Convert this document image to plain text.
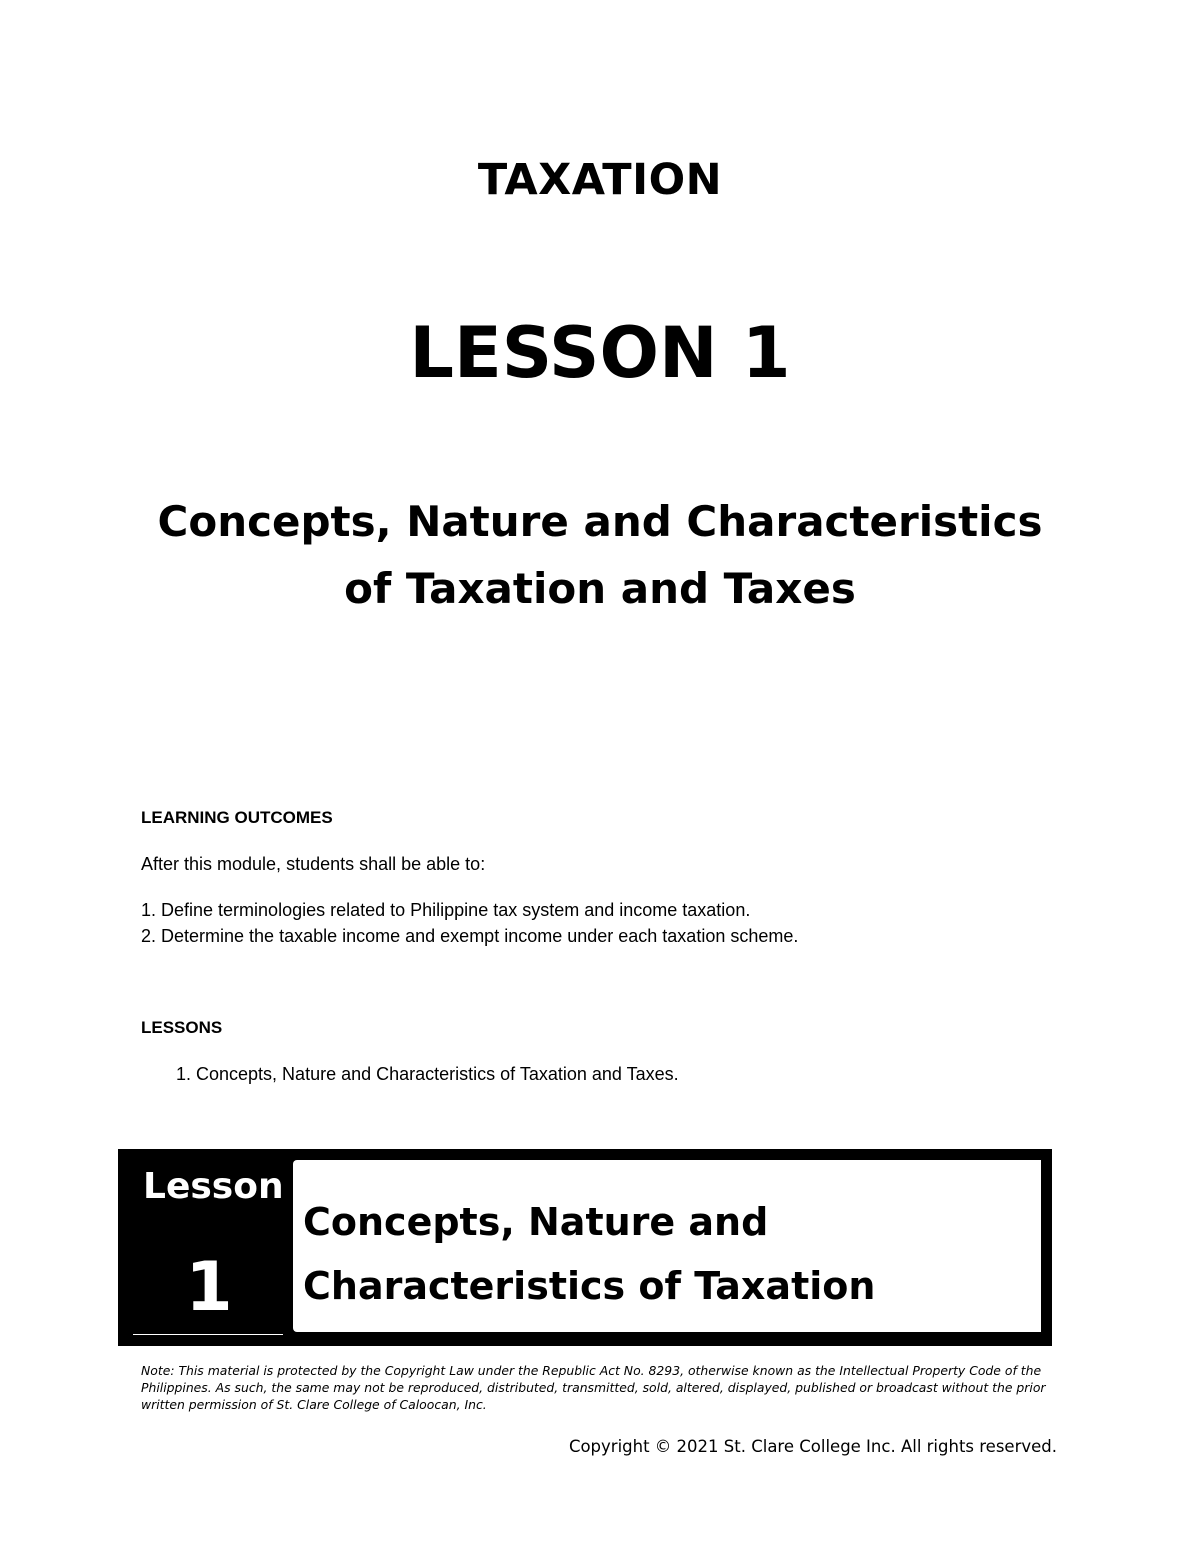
TAXATION
LESSON 1
Concepts, Nature and Characteristics of Taxation and Taxes
LEARNING OUTCOMES

After this module, students shall be able to:

1. Define terminologies related to Philippine tax system and income taxation.

2. Determine the taxable income and exempt income under each taxation scheme.

LESSONS

1. Concepts, Nature and Characteristics of Taxation and Taxes.

Lesson

1

Concepts, Nature and Characteristics of Taxation

Note: This material is protected by the Copyright Law under the Republic Act No. 8293, otherwise known as the Intellectual Property Code of the Philippines. As such, the same may not be reproduced, distributed, transmitted, sold, altered, displayed, published or broadcast without the prior written permission of St. Clare College of Caloocan, Inc.

Copyright © 2021 St. Clare College Inc. All rights reserved.
